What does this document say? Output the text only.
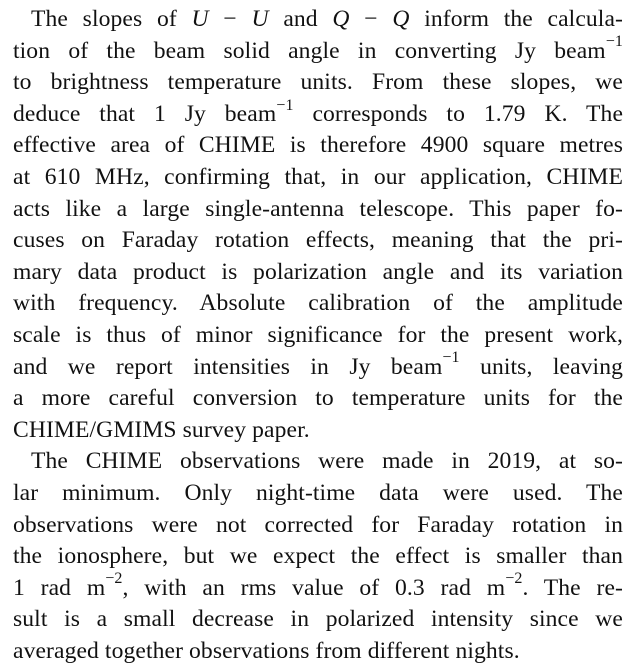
The slopes of U − U and Q − Q inform the calcula-
tion of the beam solid angle in converting Jy beam$^{-1}$
to brightness temperature units. From these slopes, we
deduce that 1 Jy beam$^{-1}$ corresponds to 1.79 K. The
effective area of CHIME is therefore 4900 square metres
at 610 MHz, confirming that, in our application, CHIME
acts like a large single-antenna telescope. This paper fo-
cuses on Faraday rotation effects, meaning that the pri-
mary data product is polarization angle and its variation
with frequency. Absolute calibration of the amplitude
scale is thus of minor significance for the present work,
and we report intensities in Jy beam$^{-1}$ units, leaving
a more careful conversion to temperature units for the
CHIME/GMIMS survey paper.
The CHIME observations were made in 2019, at so-
lar minimum. Only night-time data were used. The
observations were not corrected for Faraday rotation in
the ionosphere, but we expect the effect is smaller than
1 rad $m^{-2}$, with an rms value of 0.3 rad $m^{-2}$. The re-
sult is a small decrease in polarized intensity since we
averaged together observations from different nights.
